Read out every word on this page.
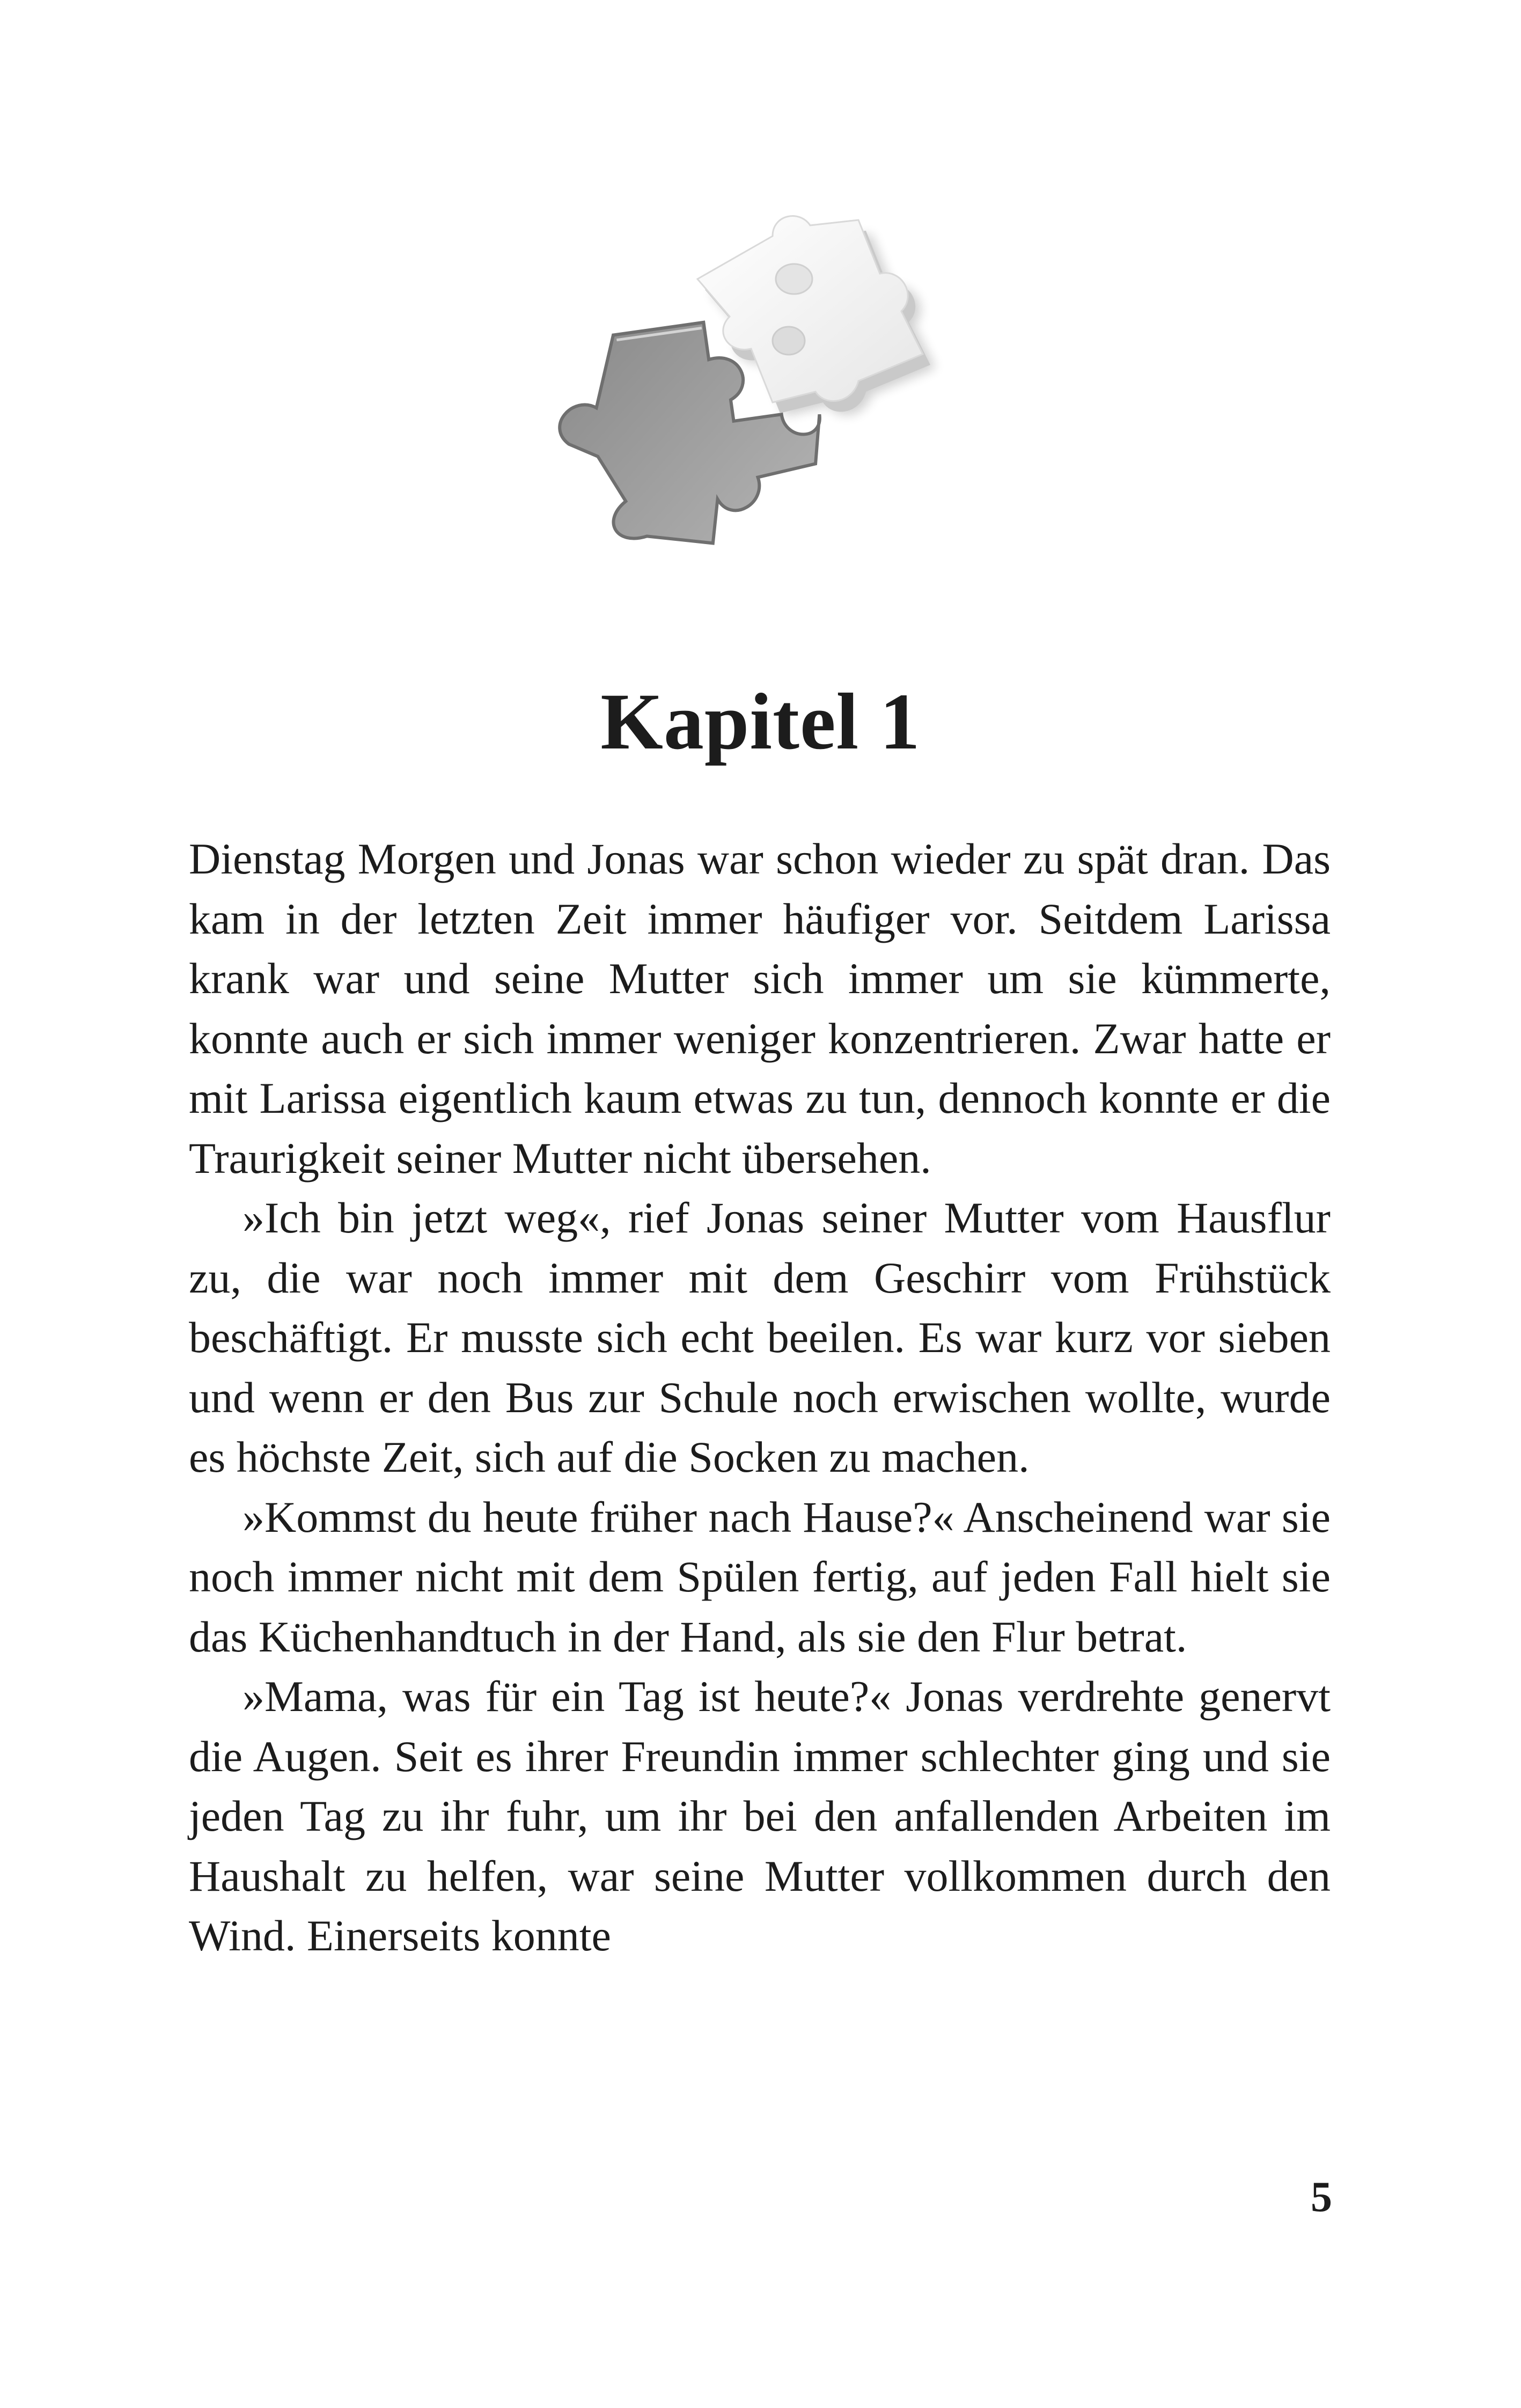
Kapitel 1

Dienstag Morgen und Jonas war schon wieder zu spät dran. Das kam in der letzten Zeit immer häufiger vor. Seitdem Larissa krank war und seine Mutter sich immer um sie kümmerte, konnte auch er sich immer weniger konzentrieren. Zwar hatte er mit Larissa eigentlich kaum etwas zu tun, dennoch konnte er die Traurigkeit seiner Mutter nicht übersehen.

»Ich bin jetzt weg«, rief Jonas seiner Mutter vom Hausflur zu, die war noch immer mit dem Geschirr vom Frühstück beschäftigt. Er musste sich echt beeilen. Es war kurz vor sieben und wenn er den Bus zur Schule noch erwischen wollte, wurde es höchste Zeit, sich auf die Socken zu machen.

»Kommst du heute früher nach Hause?« Anscheinend war sie noch immer nicht mit dem Spülen fertig, auf jeden Fall hielt sie das Küchenhandtuch in der Hand, als sie den Flur betrat.

»Mama, was für ein Tag ist heute?« Jonas verdrehte genervt die Augen. Seit es ihrer Freundin immer schlechter ging und sie jeden Tag zu ihr fuhr, um ihr bei den anfallenden Arbeiten im Haushalt zu helfen, war seine Mutter vollkommen durch den Wind. Einerseits konnte

5
